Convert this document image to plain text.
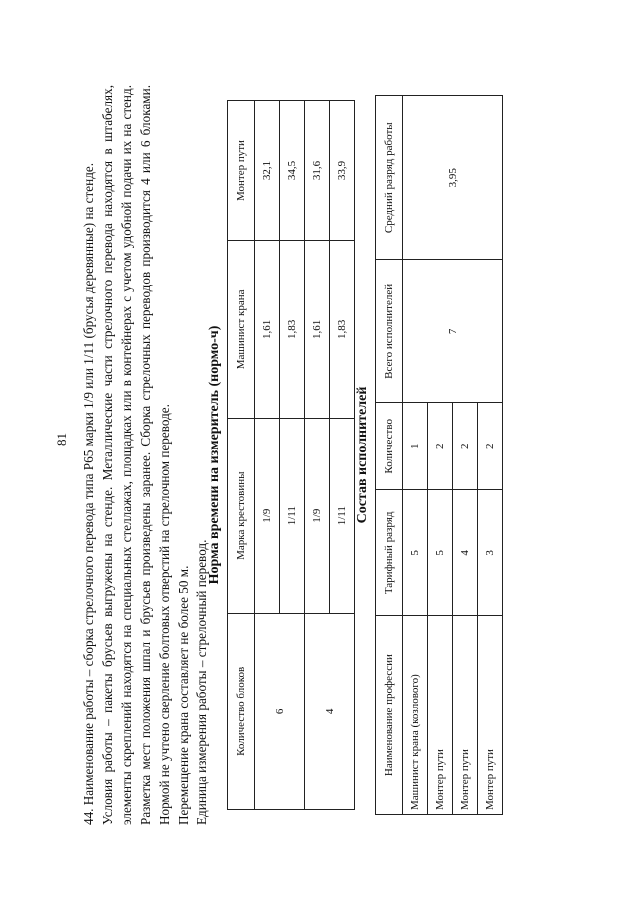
81 44. Наименование работы – сборка стрелочного перевода типа Р65 марки 1/9 или 1/11 (брусья деревянные) на стенде. Условия работы – пакеты брусьев выгружены на стенде. Металлические части стрелочного перевода находятся в штабелях, элементы скреплений находятся на специальных стеллажах, площадках или в контейнерах с учетом удобной подачи их на стенд. Разметка мест положения шпал и брусьев произведены заранее. Сборка стрелочных переводов производится 4 или 6 блоками. Нормой не учтено сверление болтовых отверстий на стрелочном переводе. Перемещение крана составляет не более 50 м. Единица измерения работы – стрелочный перевод.

Норма времени на измеритель (нормо-ч)
Количество блоков	Марка крестовины	Машинист крана	Монтер пути
6	1/9	1,61	32,1
	1/11	1,83	34,5
4	1/9	1,61	31,6
	1/11	1,83	33,9
Состав исполнителей
Наименование профессии	Тарифный разряд	Количество	Всего исполнителей	Средний разряд работы
Машинист крана (козлового)	5	1	7	3,95
Монтер пути	5	2		
Монтер пути	4	2		
Монтер пути	3	2		
